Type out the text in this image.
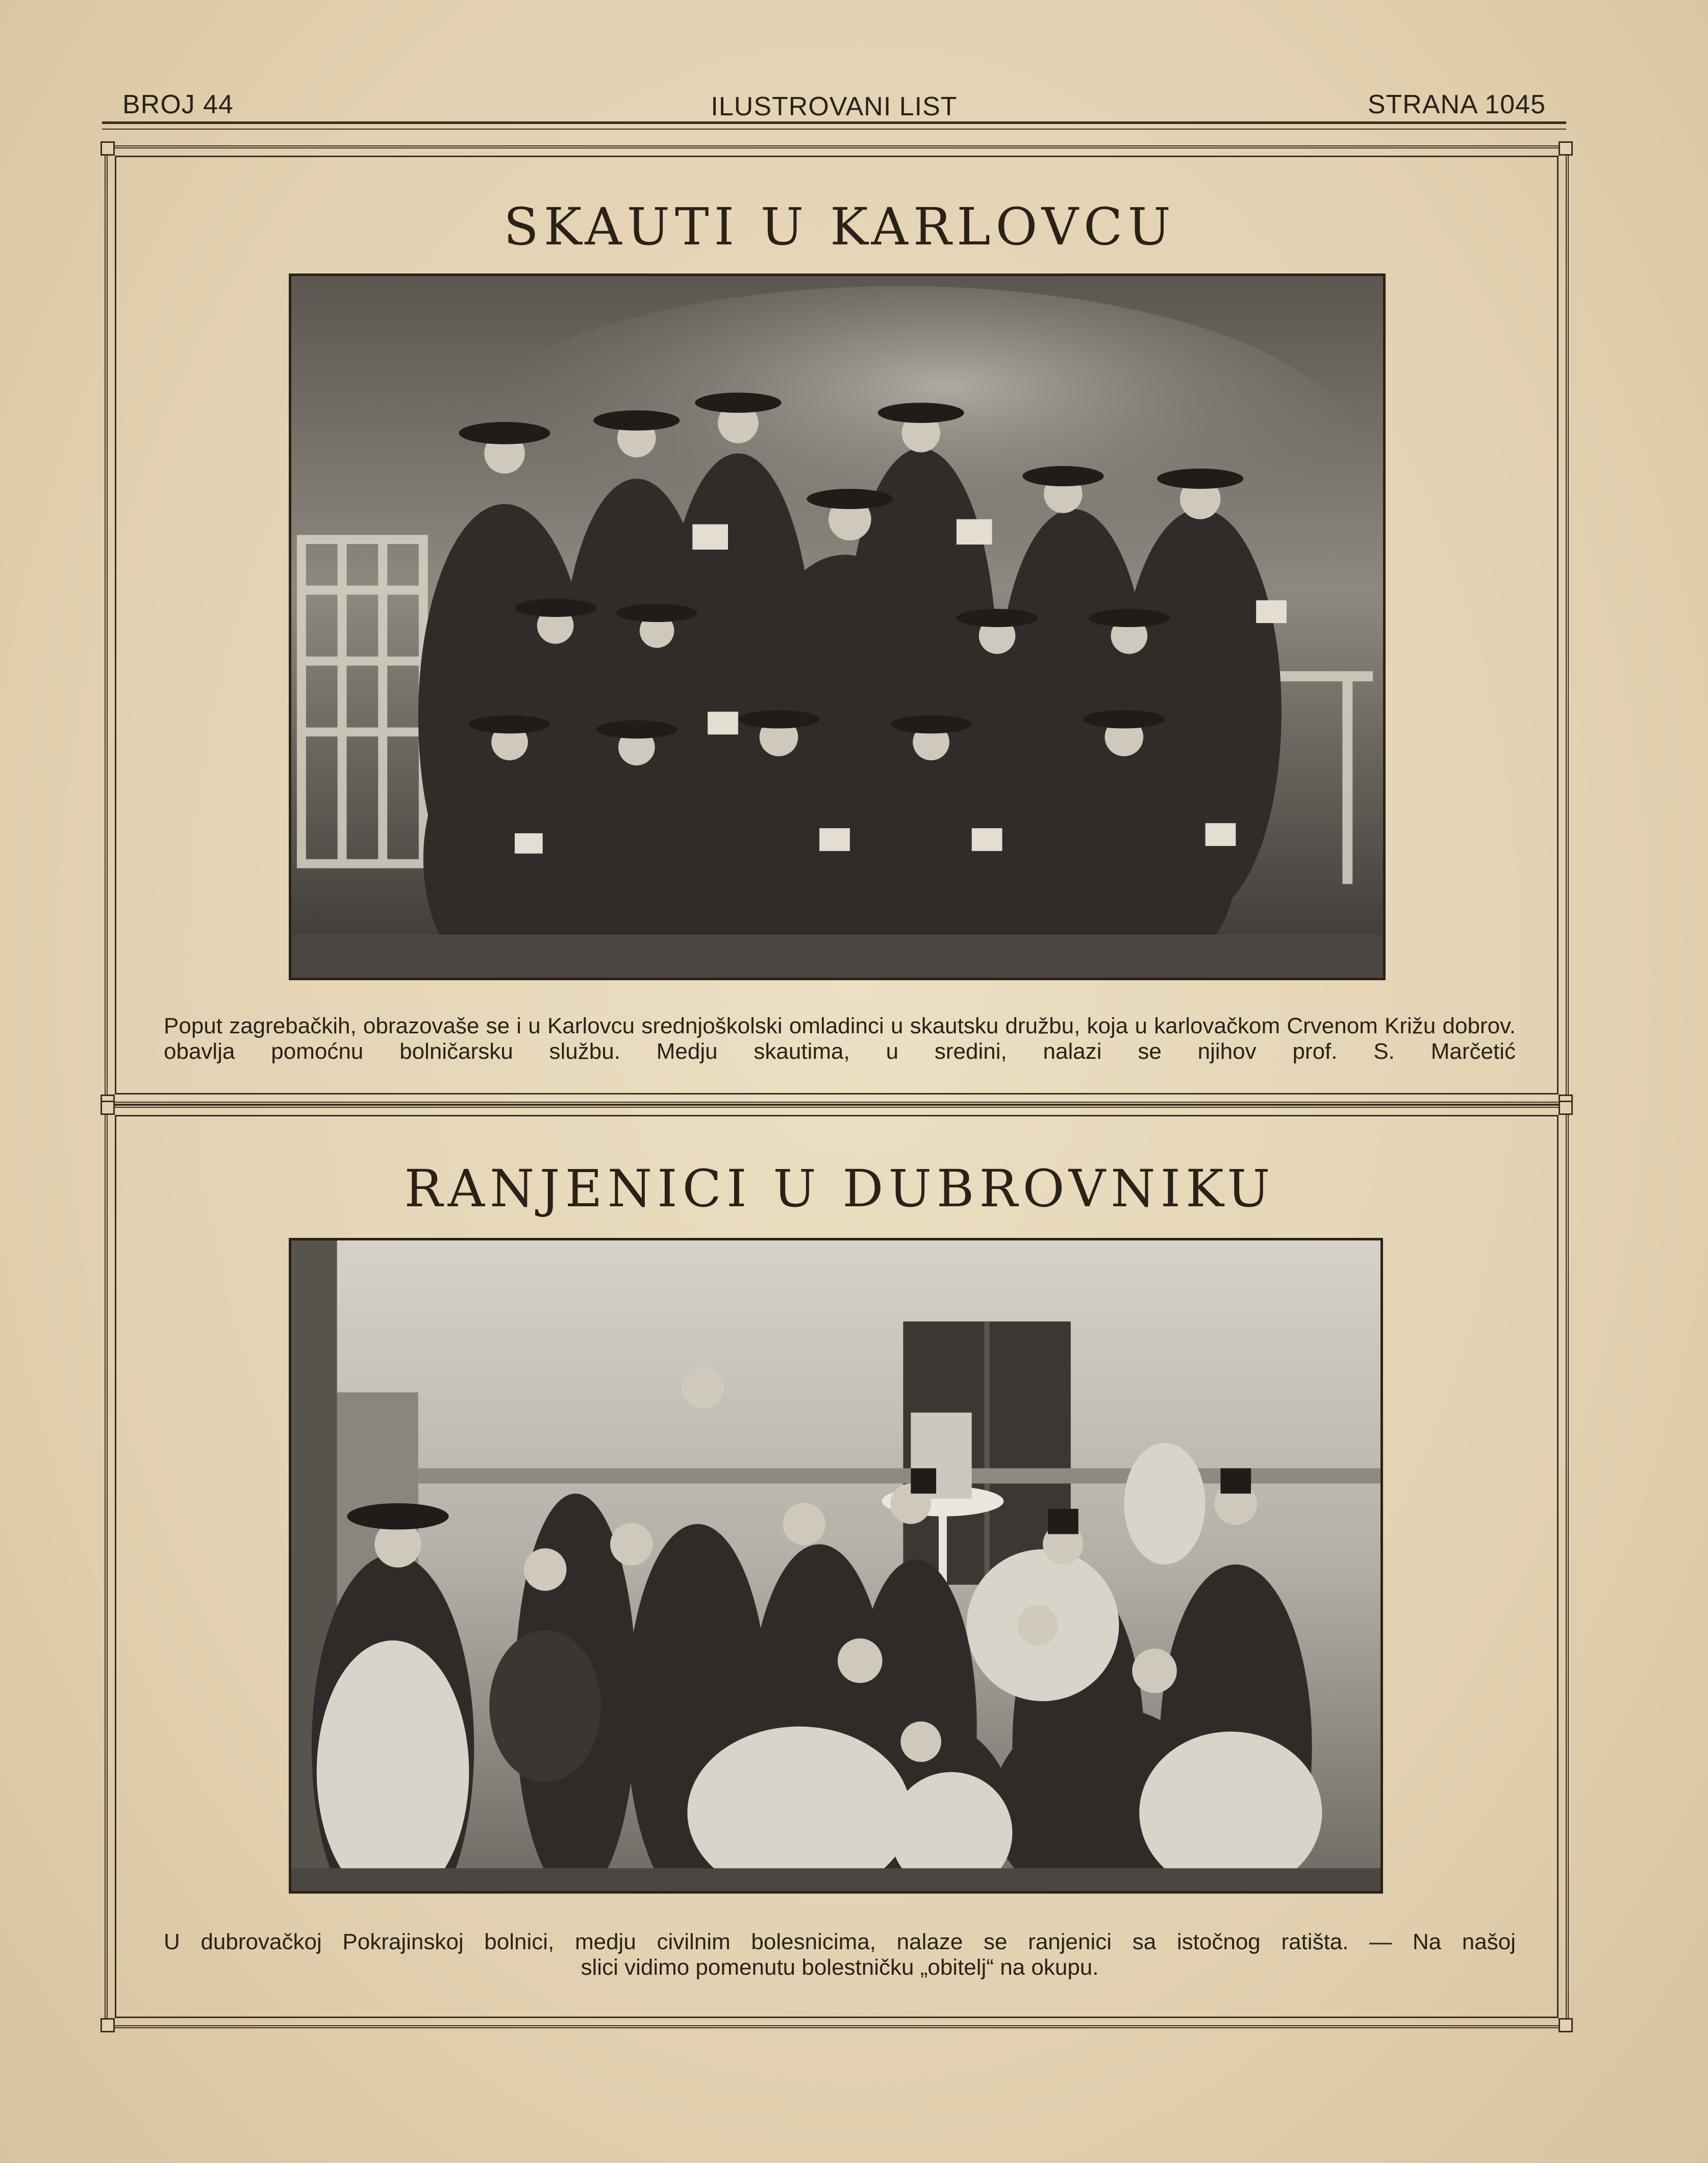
BROJ 44	ILUSTROVANI LIST	STRANA 1045
SKAUTI U KARLOVCU
Poput zagrebačkih, obrazovaše se i u Karlovcu srednjoškolski omladinci u skautsku družbu, koja u karlovačkom Crvenom Križu dobrov. obavlja pomoćnu bolničarsku službu. Medju skautima, u sredini, nalazi se njihov prof. S. Marčetić
RANJENICI U DUBROVNIKU
U dubrovačkoj Pokrajinskoj bolnici, medju civilnim bolesnicima, nalaze se ranjenici sa istočnog ratišta. — Na našoj
slici vidimo pomenutu bolestničku „obitelj“ na okupu.
